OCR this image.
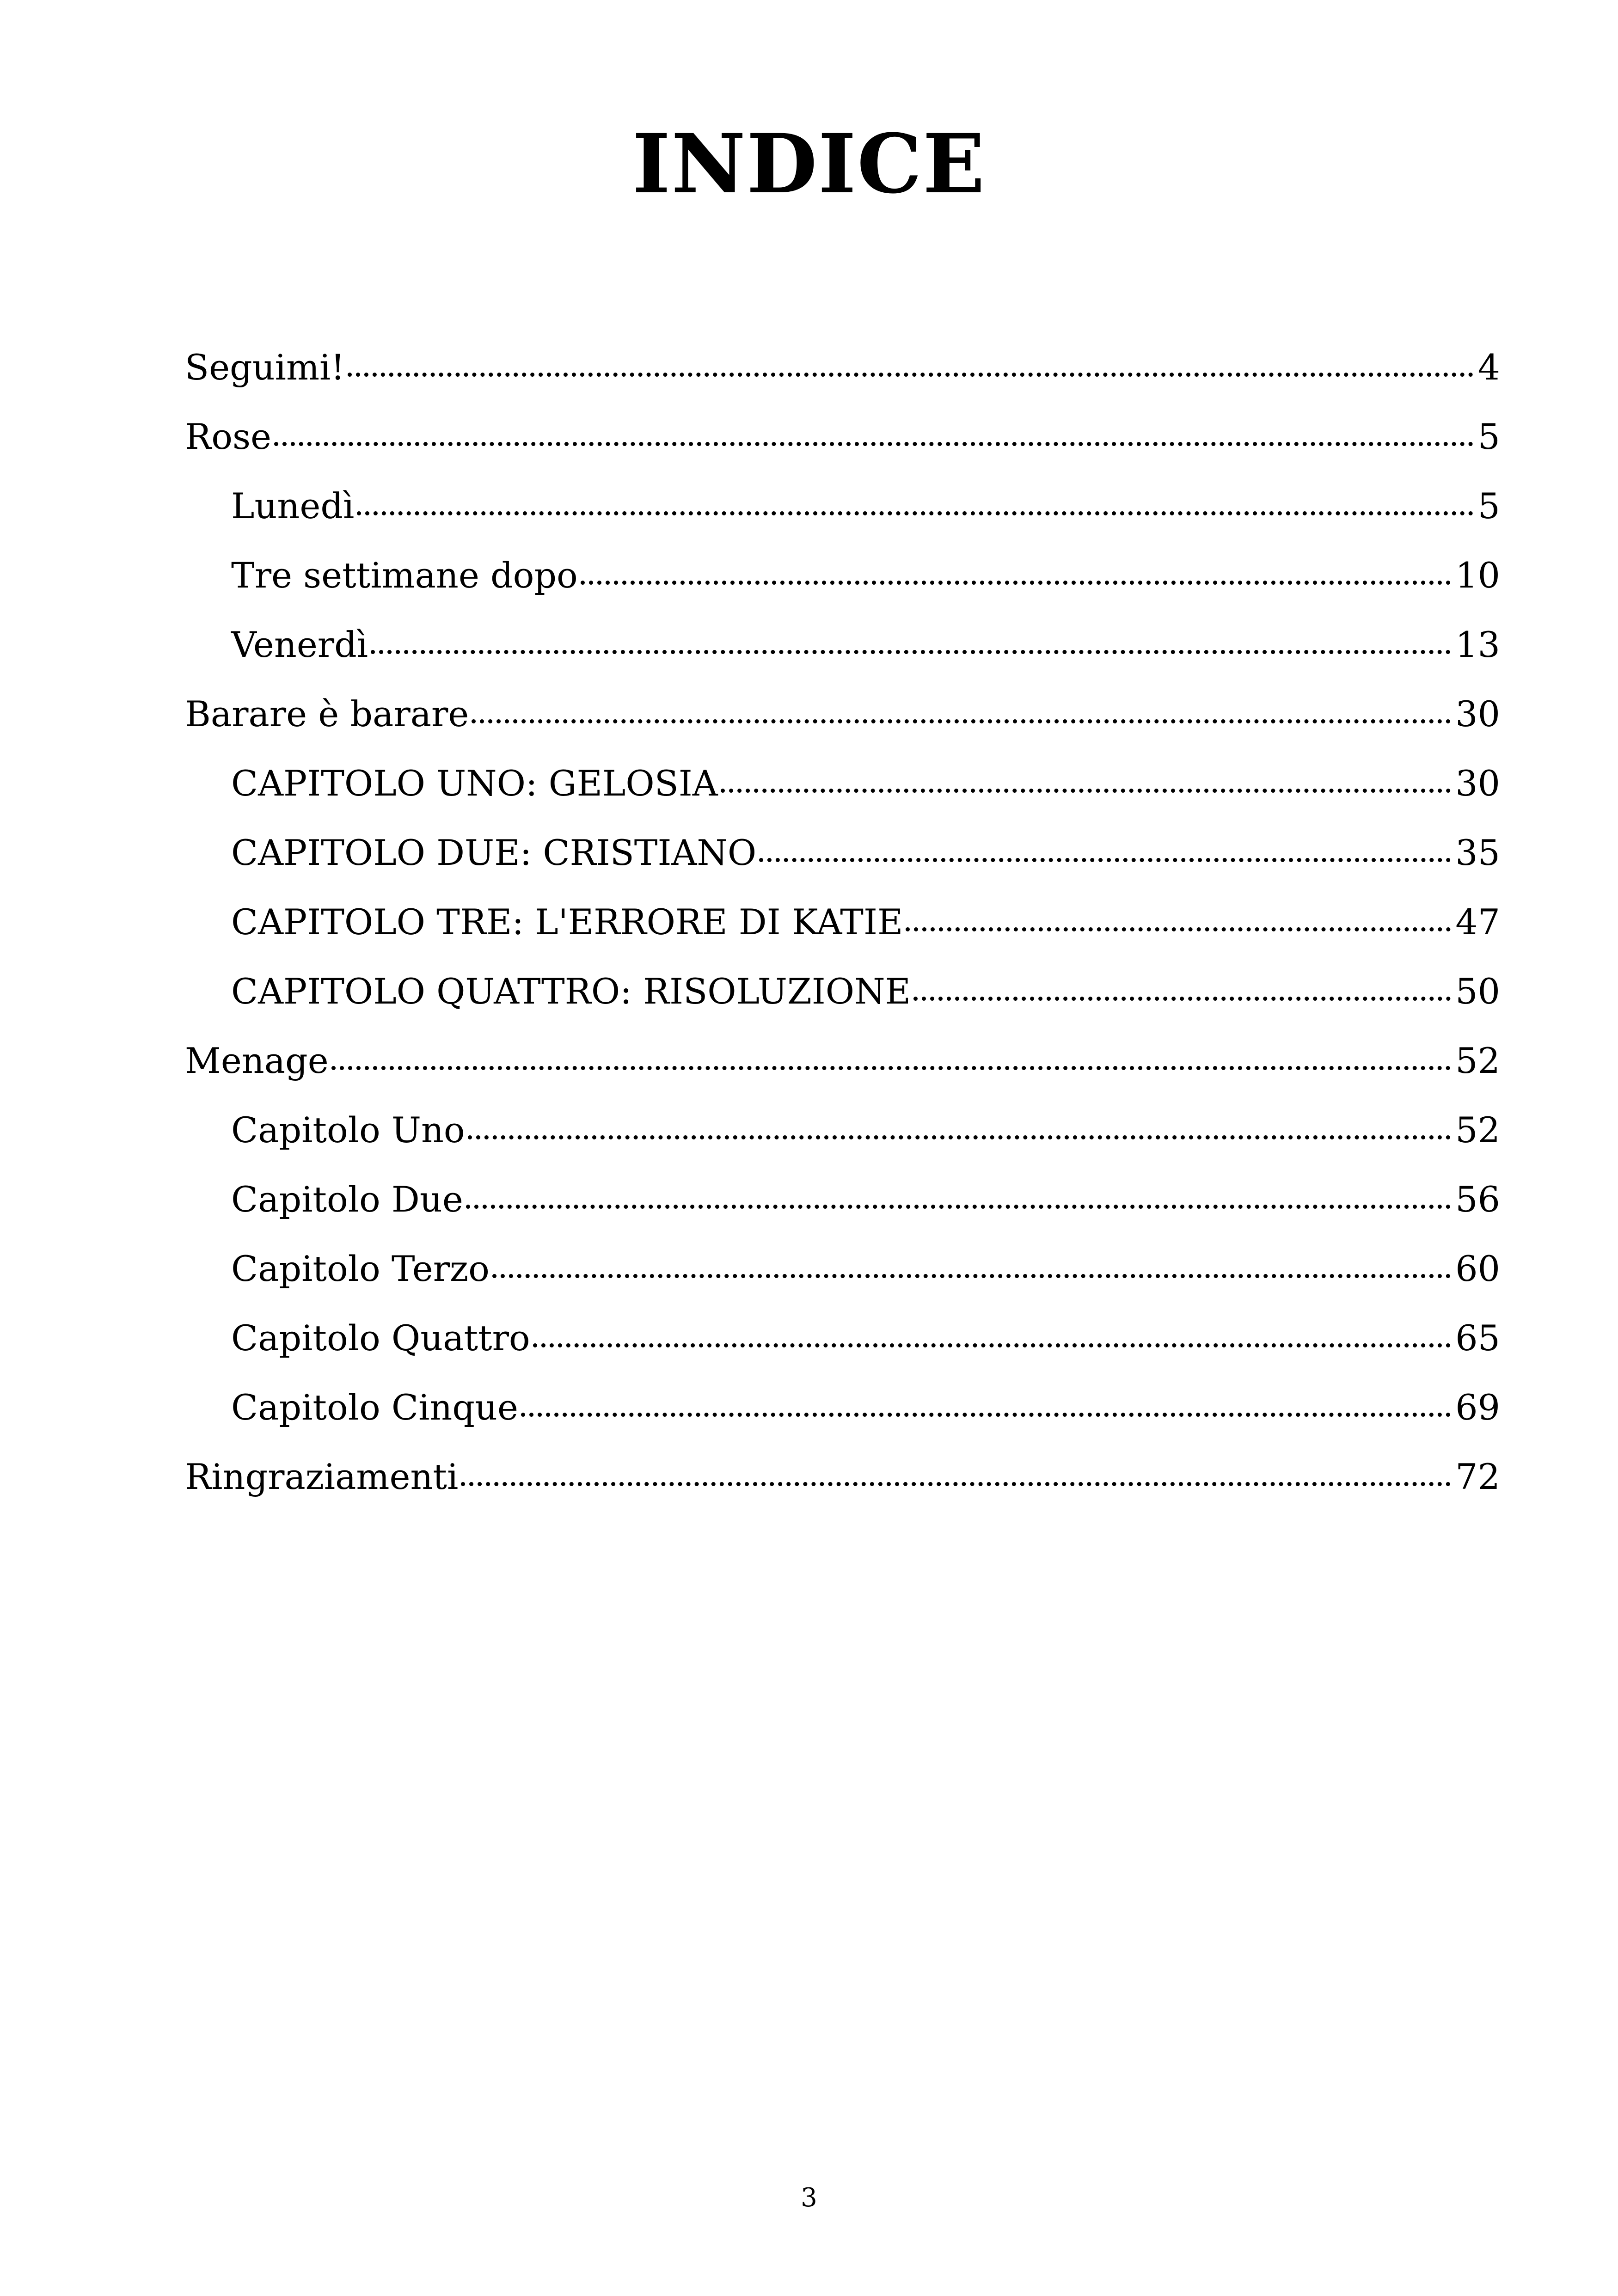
INDICE
Seguimi!	4
Rose	5
Lunedì	5
Tre settimane dopo	10
Venerdì	13
Barare è barare	30
CAPITOLO UNO: GELOSIA	30
CAPITOLO DUE: CRISTIANO	35
CAPITOLO TRE: L'ERRORE DI KATIE	47
CAPITOLO QUATTRO: RISOLUZIONE	50
Menage	52
Capitolo Uno	52
Capitolo Due	56
Capitolo Terzo	60
Capitolo Quattro	65
Capitolo Cinque	69
Ringraziamenti	72
3
